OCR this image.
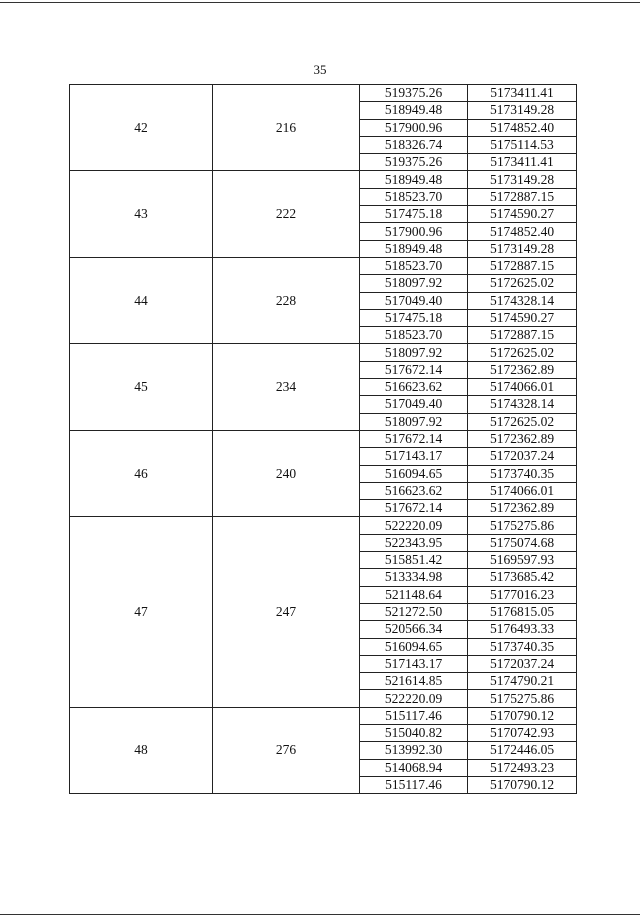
35
42	216	519375.26	5173411.41
		518949.48	5173149.28
		517900.96	5174852.40
		518326.74	5175114.53
		519375.26	5173411.41
43	222	518949.48	5173149.28
		518523.70	5172887.15
		517475.18	5174590.27
		517900.96	5174852.40
		518949.48	5173149.28
44	228	518523.70	5172887.15
		518097.92	5172625.02
		517049.40	5174328.14
		517475.18	5174590.27
		518523.70	5172887.15
45	234	518097.92	5172625.02
		517672.14	5172362.89
		516623.62	5174066.01
		517049.40	5174328.14
		518097.92	5172625.02
46	240	517672.14	5172362.89
		517143.17	5172037.24
		516094.65	5173740.35
		516623.62	5174066.01
		517672.14	5172362.89
47	247	522220.09	5175275.86
		522343.95	5175074.68
		515851.42	5169597.93
		513334.98	5173685.42
		521148.64	5177016.23
		521272.50	5176815.05
		520566.34	5176493.33
		516094.65	5173740.35
		517143.17	5172037.24
		521614.85	5174790.21
		522220.09	5175275.86
48	276	515117.46	5170790.12
		515040.82	5170742.93
		513992.30	5172446.05
		514068.94	5172493.23
		515117.46	5170790.12
